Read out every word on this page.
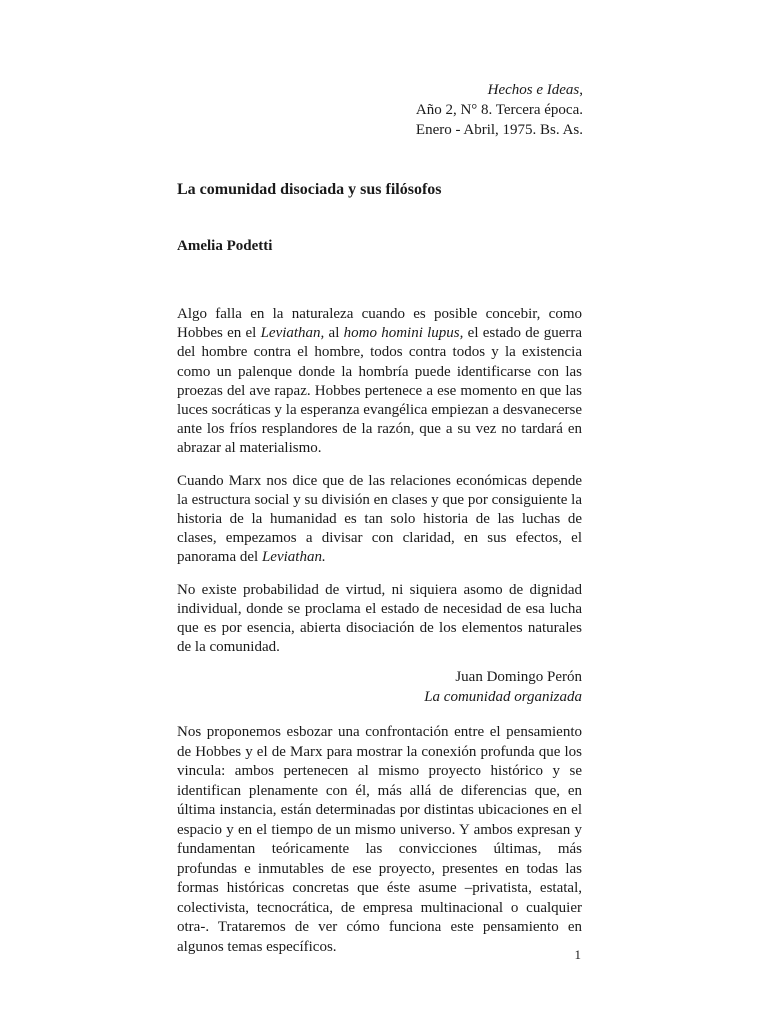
Hechos e Ideas,
Año 2, N° 8. Tercera época.
Enero - Abril, 1975. Bs. As.
La comunidad disociada y sus filósofos
Amelia Podetti

Algo falla en la naturaleza cuando es posible concebir, como Hobbes en el Leviathan, al homo homini lupus, el estado de guerra del hombre contra el hombre, todos contra todos y la existencia como un palenque donde la hombría puede identificarse con las proezas del ave rapaz. Hobbes pertenece a ese momento en que las luces socráticas y la esperanza evangélica empiezan a desvanecerse ante los fríos resplandores de la razón, que a su vez no tardará en abrazar al materialismo.

Cuando Marx nos dice que de las relaciones económicas depende la estructura social y su división en clases y que por consiguiente la historia de la humanidad es tan solo historia de las luchas de clases, empezamos a divisar con claridad, en sus efectos, el panorama del Leviathan.

No existe probabilidad de virtud, ni siquiera asomo de dignidad individual, donde se proclama el estado de necesidad de esa lucha que es por esencia, abierta disociación de los elementos naturales de la comunidad.

Juan Domingo Perón
La comunidad organizada

Nos proponemos esbozar una confrontación entre el pensamiento de Hobbes y el de Marx para mostrar la conexión profunda que los vincula: ambos pertenecen al mismo proyecto histórico y se identifican plenamente con él, más allá de diferencias que, en última instancia, están determinadas por distintas ubicaciones en el espacio y en el tiempo de un mismo universo. Y ambos expresan y fundamentan teóricamente las convicciones últimas, más profundas e inmutables de ese proyecto, presentes en todas las formas históricas concretas que éste asume –privatista, estatal, colectivista, tecnocrática, de empresa multinacional o cualquier otra-. Trataremos de ver cómo funciona este pensamiento en algunos temas específicos.	1
